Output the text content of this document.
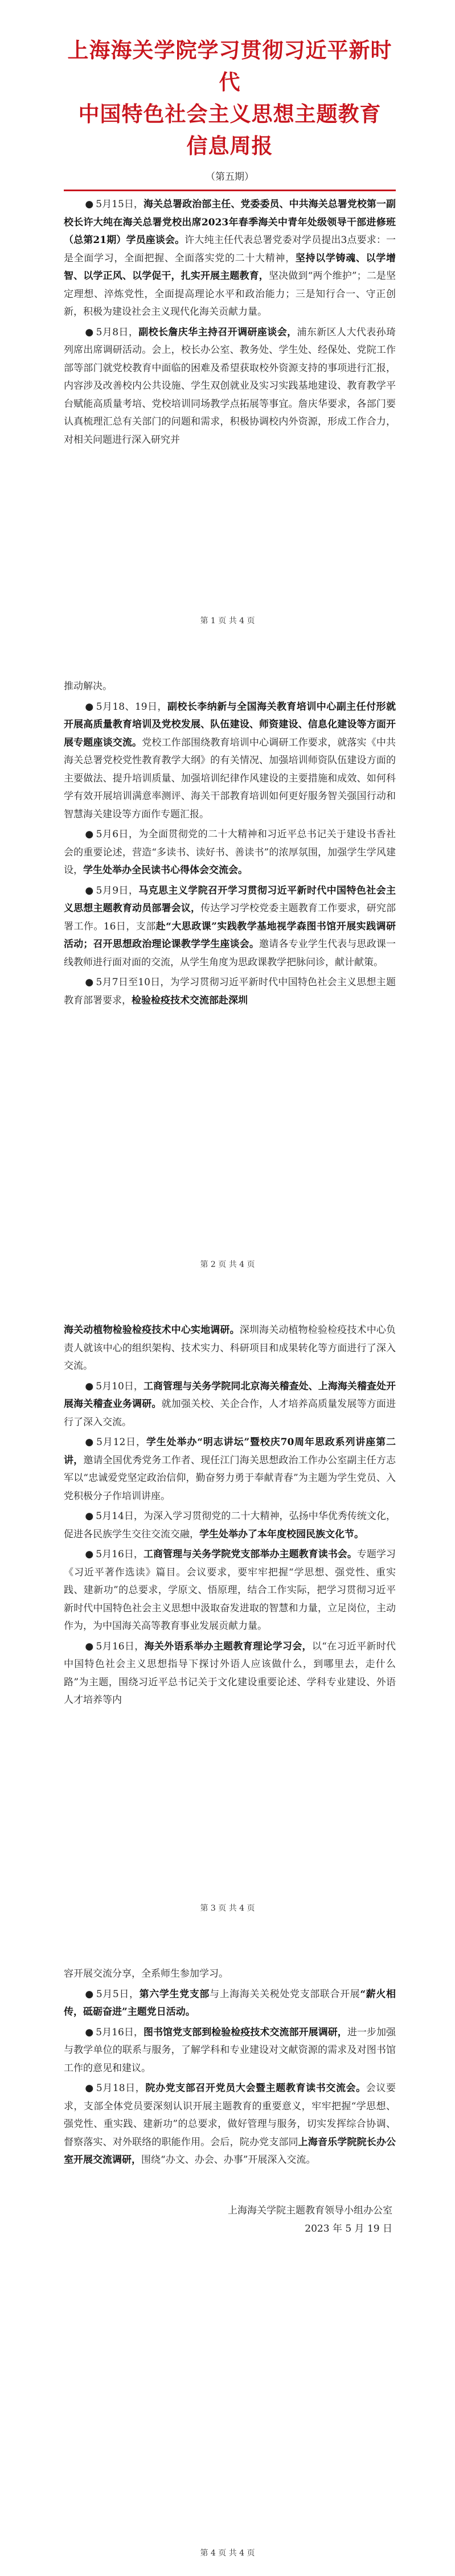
上海海关学院学习贯彻习近平新时代
中国特色社会主义思想主题教育
信息周报
（第五期）

● 5月15日，海关总署政治部主任、党委委员、中共海关总署党校第一副校长许大纯在海关总署党校出席2023年春季海关中青年处级领导干部进修班（总第21期）学员座谈会。许大纯主任代表总署党委对学员提出3点要求：一是全面学习，全面把握、全面落实党的二十大精神，坚持以学铸魂、以学增智、以学正风、以学促干，扎实开展主题教育，坚决做到“两个维护”；二是坚定理想、淬炼党性，全面提高理论水平和政治能力；三是知行合一、守正创新，积极为建设社会主义现代化海关贡献力量。

● 5月8日，副校长詹庆华主持召开调研座谈会，浦东新区人大代表孙琦列席出席调研活动。会上，校长办公室、教务处、学生处、经保处、党院工作部等部门就党校教育中面临的困难及希望获取校外资源支持的事项进行汇报，内容涉及改善校内公共设施、学生双创就业及实习实践基地建设、教育教学平台赋能高质量考培、党校培训同场教学点拓展等事宜。詹庆华要求，各部门要认真梳理汇总有关部门的问题和需求，积极协调校内外资源，形成工作合力，对相关问题进行深入研究并

第 1 页 共 4 页

推动解决。

● 5月18、19日，副校长李纳新与全国海关教育培训中心副主任付形就开展高质量教育培训及党校发展、队伍建设、师资建设、信息化建设等方面开展专题座谈交流。党校工作部围绕教育培训中心调研工作要求，就落实《中共海关总署党校党性教育教学大纲》的有关情况、加强培训师资队伍建设方面的主要做法、提升培训质量、加强培训纪律作风建设的主要措施和成效、如何科学有效开展培训满意率测评、海关干部教育培训如何更好服务智关强国行动和智慧海关建设等方面作专题汇报。

● 5月6日，为全面贯彻党的二十大精神和习近平总书记关于建设书香社会的重要论述，营造“多读书、读好书、善读书”的浓厚氛围，加强学生学风建设，学生处举办全民读书心得体会交流会。

● 5月9日，马克思主义学院召开学习贯彻习近平新时代中国特色社会主义思想主题教育动员部署会议，传达学习学校党委主题教育工作要求，研究部署工作。16日，支部赴“大思政课”实践教学基地视学森图书馆开展实践调研活动；召开思想政治理论课教学学生座谈会。邀请各专业学生代表与思政课一线教师进行面对面的交流，从学生角度为思政课教学把脉问诊，献计献策。

● 5月7日至10日，为学习贯彻习近平新时代中国特色社会主义思想主题教育部署要求，检验检疫技术交流部赴深圳

第 2 页 共 4 页

海关动植物检验检疫技术中心实地调研。深圳海关动植物检验检疫技术中心负责人就该中心的组织架构、技术实力、科研项目和成果转化等方面进行了深入交流。

● 5月10日，工商管理与关务学院同北京海关稽查处、上海海关稽查处开展海关稽查业务调研。就加强关校、关企合作，人才培养高质量发展等方面进行了深入交流。

● 5月12日，学生处举办“明志讲坛”暨校庆70周年思政系列讲座第二讲，邀请全国优秀党务工作者、现任江门海关思想政治工作办公室副主任方志军以“忠诚爱党坚定政治信仰，勤奋努力勇于奉献青春”为主题为学生党员、入党积极分子作培训讲座。

● 5月14日，为深入学习贯彻党的二十大精神，弘扬中华优秀传统文化，促进各民族学生交往交流交融，学生处举办了本年度校园民族文化节。

● 5月16日，工商管理与关务学院党支部举办主题教育读书会。专题学习《习近平著作选读》篇目。会议要求，要牢牢把握“学思想、强党性、重实践、建新功”的总要求，学原文、悟原理，结合工作实际，把学习贯彻习近平新时代中国特色社会主义思想中汲取奋发进取的智慧和力量，立足岗位，主动作为，为中国海关高等教育事业发展贡献力量。

● 5月16日，海关外语系举办主题教育理论学习会，以“在习近平新时代中国特色社会主义思想指导下探讨外语人应该做什么，到哪里去，走什么路”为主题，围绕习近平总书记关于文化建设重要论述、学科专业建设、外语人才培养等内

第 3 页 共 4 页

容开展交流分享，全系师生参加学习。

● 5月5日，第六学生党支部与上海海关关税处党支部联合开展“薪火相传，砥砺奋进”主题党日活动。

● 5月16日，图书馆党支部到检验检疫技术交流部开展调研，进一步加强与教学单位的联系与服务，了解学科和专业建设对文献资源的需求及对图书馆工作的意见和建议。

● 5月18日，院办党支部召开党员大会暨主题教育读书交流会。会议要求，支部全体党员要深刻认识开展主题教育的重要意义，牢牢把握“学思想、强党性、重实践、建新功”的总要求，做好管理与服务，切实发挥综合协调、督察落实、对外联络的职能作用。会后，院办党支部同上海音乐学院院长办公室开展交流调研，围绕“办文、办会、办事”开展深入交流。

上海海关学院主题教育领导小组办公室

2023 年 5 月 19 日

第 4 页 共 4 页
